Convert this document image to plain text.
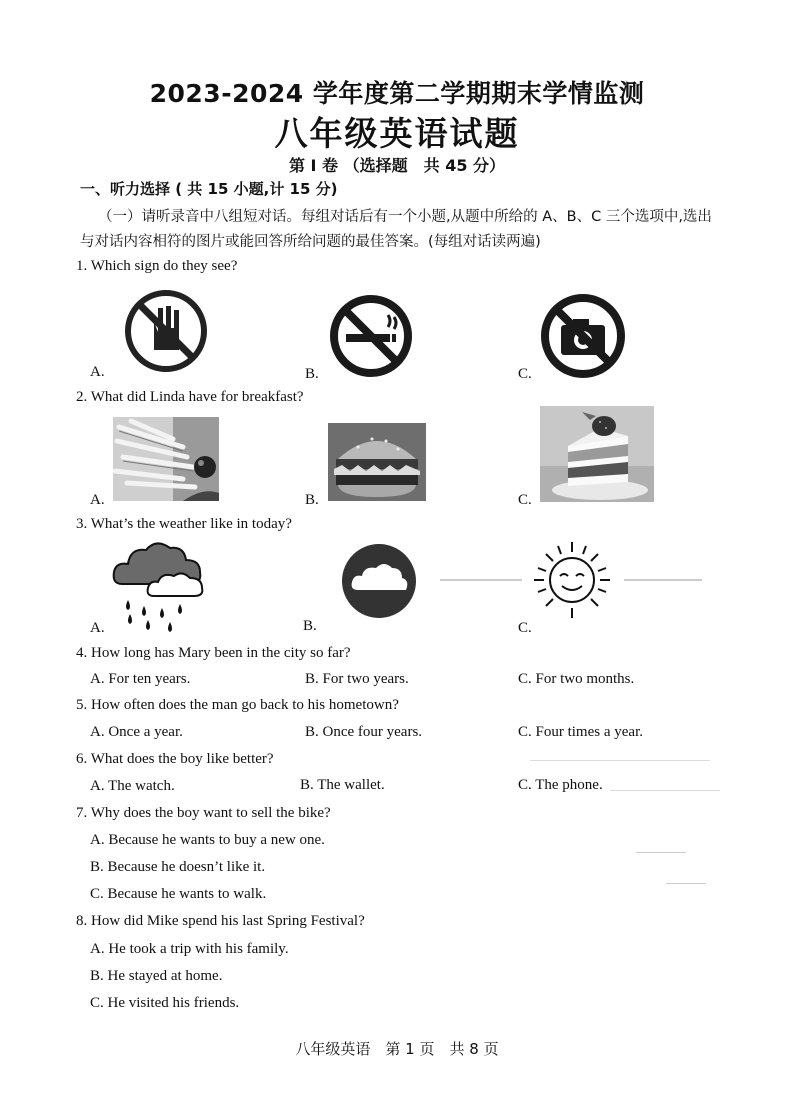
2023-2024 学年度第二学期期末学情监测
八年级英语试题
第 Ⅰ 卷 （选择题　共 45 分）
一、听力选择 ( 共 15 小题,计 15 分)
（一）请听录音中八组短对话。每组对话后有一个小题,从题中所给的 A、B、C 三个选项中,选出与对话内容相符的图片或能回答所给问题的最佳答案。(每组对话读两遍)
1. Which sign do they see?
A.	B.	C.
2. What did Linda have for breakfast?
A.	B.	C.
3. What’s the weather like in today?
A.	B.	C.
4. How long has Mary been in the city so far?
A. For ten years.	B. For two years.	C. For two months.
5. How often does the man go back to his hometown?
A. Once a year.	B. Once four years.	C. Four times a year.
6. What does the boy like better?
A. The watch.	B. The wallet.	C. The phone.
7. Why does the boy want to sell the bike?
A. Because he wants to buy a new one.
B. Because he doesn’t like it.
C. Because he wants to walk.
8. How did Mike spend his last Spring Festival?
A. He took a trip with his family.
B. He stayed at home.
C. He visited his friends.
八年级英语　第 1 页　共 8 页
